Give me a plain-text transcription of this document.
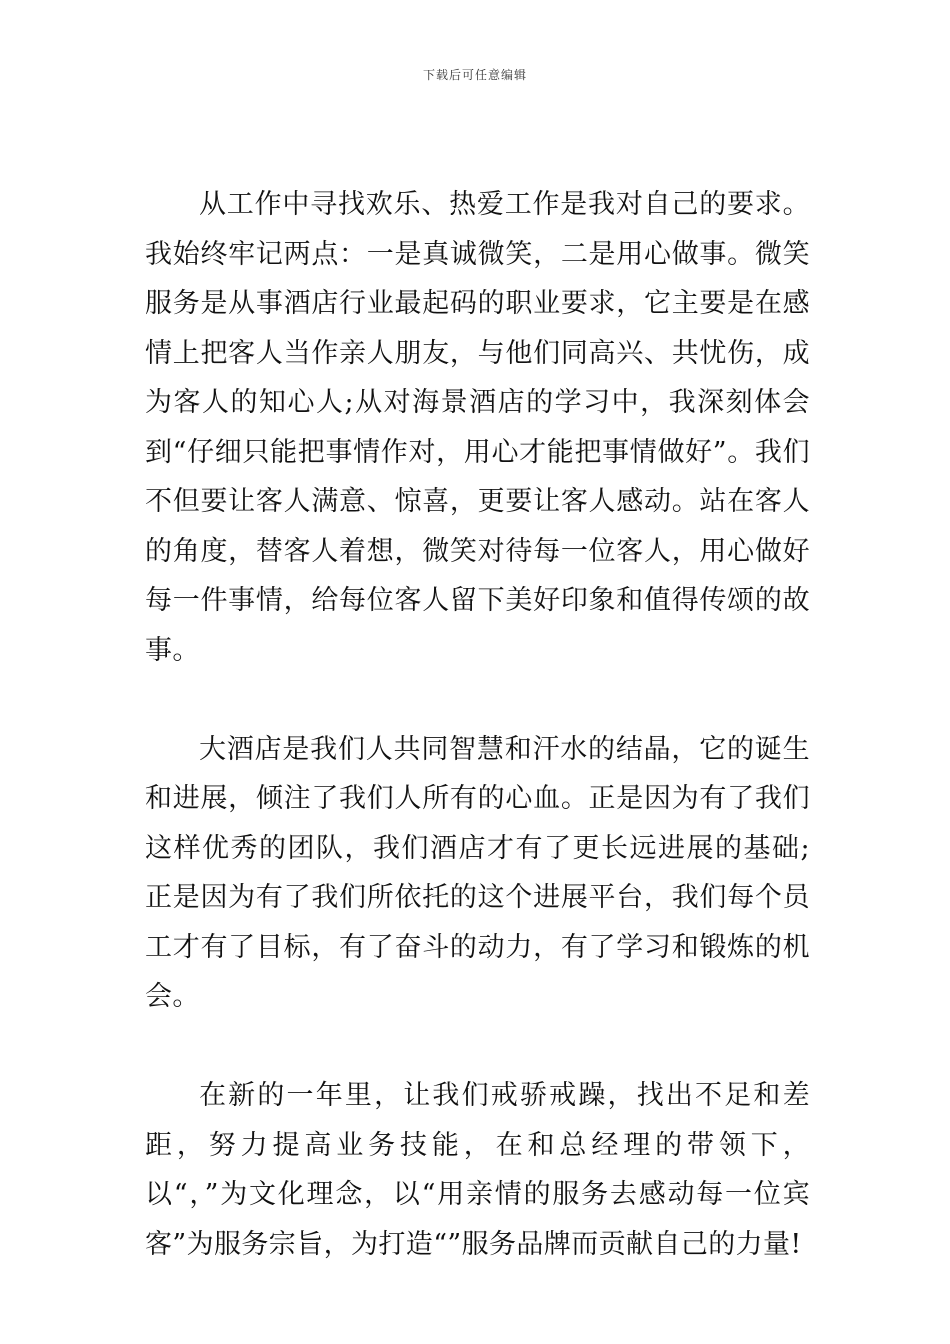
下载后可任意编辑

从工作中寻找欢乐、热爱工作是我对自己的要求。我始终牢记两点：一是真诚微笑，二是用心做事。微笑服务是从事酒店行业最起码的职业要求，它主要是在感情上把客人当作亲人朋友，与他们同高兴、共忧伤，成为客人的知心人;从对海景酒店的学习中，我深刻体会到“仔细只能把事情作对，用心才能把事情做好”。我们不但要让客人满意、惊喜，更要让客人感动。站在客人的角度，替客人着想，微笑对待每一位客人，用心做好每一件事情，给每位客人留下美好印象和值得传颂的故事。

大酒店是我们人共同智慧和汗水的结晶，它的诞生和进展，倾注了我们人所有的心血。正是因为有了我们这样优秀的团队，我们酒店才有了更长远进展的基础;正是因为有了我们所依托的这个进展平台，我们每个员工才有了目标，有了奋斗的动力，有了学习和锻炼的机会。

在新的一年里，让我们戒骄戒躁，找出不足和差距，努力提高业务技能，在和总经理的带领下，以“，”为文化理念，以“用亲情的服务去感动每一位宾客”为服务宗旨，为打造“”服务品牌而贡献自己的力量!
